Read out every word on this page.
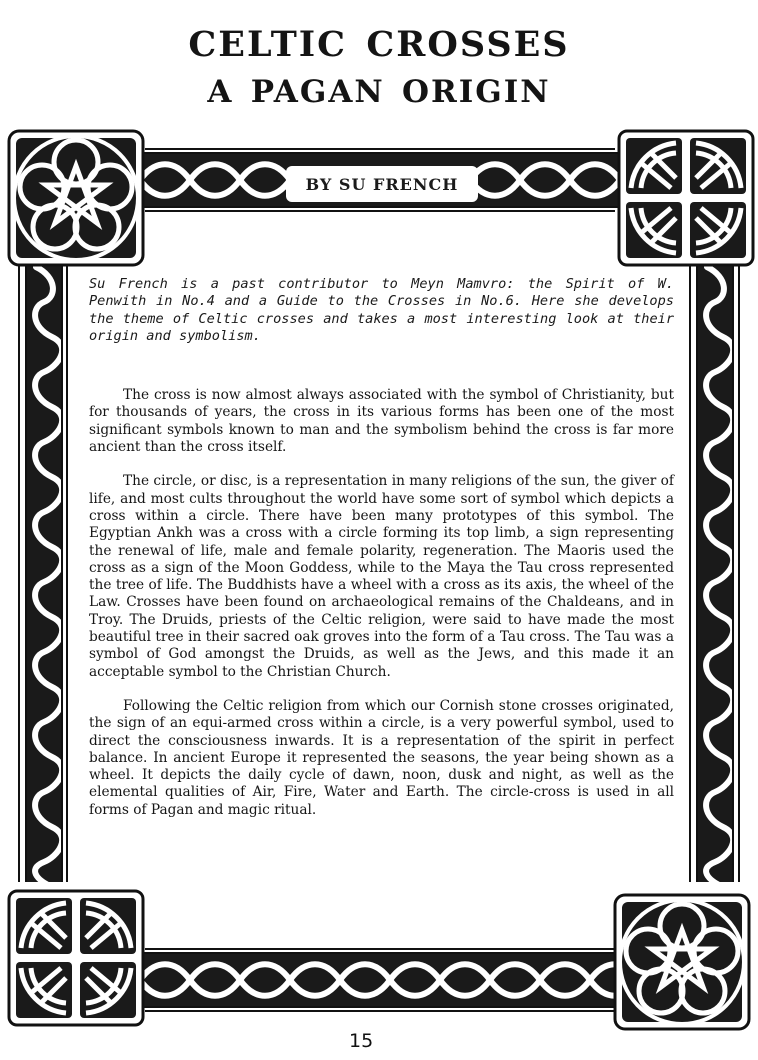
celtic crosses
a pagan origin
BY SU FRENCH

Su French is a past contributor to Meyn Mamvro: the Spirit of W. Penwith in No.4 and a Guide to the Crosses in No.6. Here she develops the theme of Celtic crosses and takes a most interesting look at their origin and symbolism.

The cross is now almost always associated with the symbol of Christianity, but for thousands of years, the cross in its various forms has been one of the most significant symbols known to man and the symbolism behind the cross is far more ancient than the cross itself.

The circle, or disc, is a representation in many religions of the sun, the giver of life, and most cults throughout the world have some sort of symbol which depicts a cross within a circle. There have been many prototypes of this symbol. The Egyptian Ankh was a cross with a circle forming its top limb, a sign representing the renewal of life, male and female polarity, regeneration. The Maoris used the cross as a sign of the Moon Goddess, while to the Maya the Tau cross represented the tree of life. The Buddhists have a wheel with a cross as its axis, the wheel of the Law. Crosses have been found on archaeological remains of the Chaldeans, and in Troy. The Druids, priests of the Celtic religion, were said to have made the most beautiful tree in their sacred oak groves into the form of a Tau cross. The Tau was a symbol of God amongst the Druids, as well as the Jews, and this made it an acceptable symbol to the Christian Church.

Following the Celtic religion from which our Cornish stone crosses originated, the sign of an equi-armed cross within a circle, is a very powerful symbol, used to direct the consciousness inwards. It is a representation of the spirit in perfect balance. In ancient Europe it represented the seasons, the year being shown as a wheel. It depicts the daily cycle of dawn, noon, dusk and night, as well as the elemental qualities of Air, Fire, Water and Earth. The circle-cross is used in all forms of Pagan and magic ritual.

15
